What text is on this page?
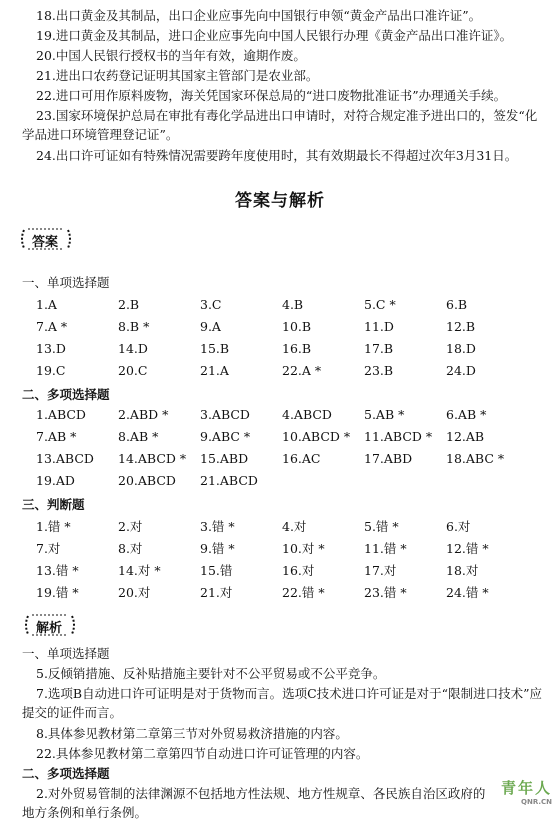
18.出口黄金及其制品，出口企业应事先向中国银行申领“黄金产品出口准许证”。
19.进口黄金及其制品，进口企业应事先向中国人民银行办理《黄金产品出口准许证》。
20.中国人民银行授权书的当年有效，逾期作废。
21.进出口农药登记证明其国家主管部门是农业部。
22.进口可用作原料废物，海关凭国家环保总局的“进口废物批准证书”办理通关手续。
23.国家环境保护总局在审批有毒化学品进出口申请时，对符合规定准予进出口的，签发“化学品进口环境管理登记证”。
24.出口许可证如有特殊情况需要跨年度使用时，其有效期最长不得超过次年3月31日。
答案与解析
答案
一、单项选择题
1.A	2.B	3.C	4.B	5.C *	6.B
7.A *	8.B *	9.A	10.B	11.D	12.B
13.D	14.D	15.B	16.B	17.B	18.D
19.C	20.C	21.A	22.A *	23.B	24.D
二、多项选择题
1.ABCD	2.ABD *	3.ABCD	4.ABCD	5.AB *	6.AB *
7.AB *	8.AB *	9.ABC *	10.ABCD * 11.ABCD * 12.AB
13.ABCD 14.ABCD * 15.ABD	16.AC	17.ABD	18.ABC *
19.AD	20.ABCD 21.ABCD
三、判断题
1.错 *	2.对	3.错 *	4.对	5.错 *	6.对
7.对	8.对	9.错 *	10.对 *	11.错 *	12.错 *
13.错 *	14.对 *	15.错	16.对	17.对	18.对
19.错 *	20.对	21.对	22.错 *	23.错 *	24.错 *
解析
一、单项选择题
5.反倾销措施、反补贴措施主要针对不公平贸易或不公平竞争。
7.选项B自动进口许可证明是对于货物而言。选项C技术进口许可证是对于“限制进口技术”应提交的证件而言。
8.具体参见教材第二章第三节对外贸易救济措施的内容。
22.具体参见教材第二章第四节自动进口许可证管理的内容。
二、多项选择题
2.对外贸易管制的法律渊源不包括地方性法规、地方性规章、各民族自治区政府的地方条例和单行条例。
青年人
QNR.CN
